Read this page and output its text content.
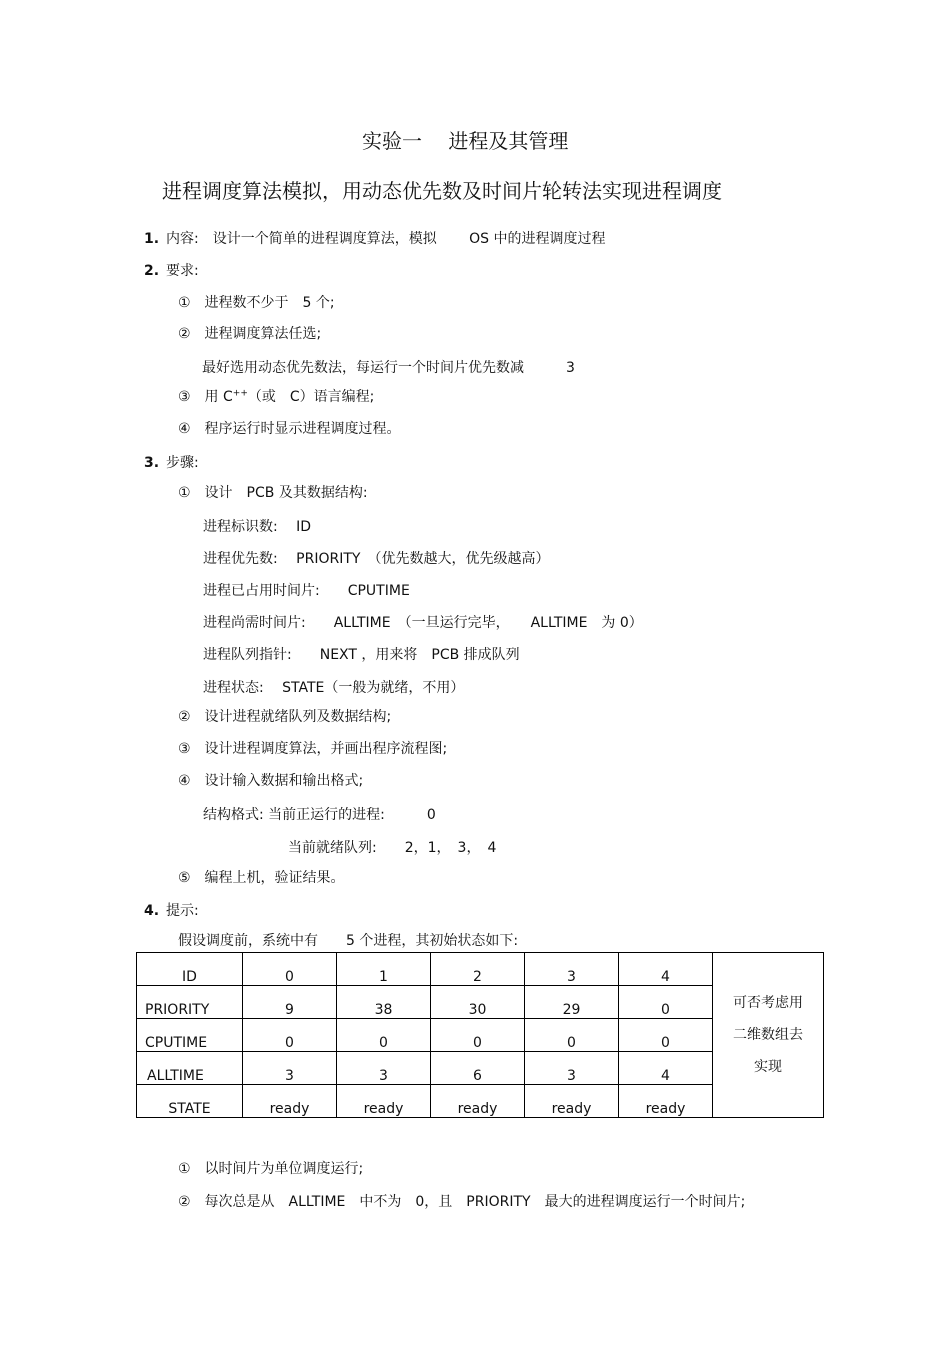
实验一　 进程及其管理
进程调度算法模拟，用动态优先数及时间片轮转法实现进程调度
1. 内容:　设计一个简单的进程调度算法，模拟　　 OS 中的进程调度过程
2. 要求:
①　进程数不少于　5 个;
②　进程调度算法任选;
最好选用动态优先数法，每运行一个时间片优先数减　　　3
③　用 C++（或　C）语言编程;
④　程序运行时显示进程调度过程。
3. 步骤:
①　设计　PCB 及其数据结构:
进程标识数:　 ID
进程优先数:　 PRIORITY　（优先数越大，优先级越高）
进程已占用时间片:　　CPUTIME
进程尚需时间片:　　ALLTIME　（一旦运行完毕，　　ALLTIME　为 0）
进程队列指针:　　NEXT ，用来将　PCB 排成队列
进程状态:　 STATE（一般为就绪，不用）
②　设计进程就绪队列及数据结构;
③　设计进程调度算法，并画出程序流程图;
④　设计输入数据和输出格式;
结构格式: 当前正运行的进程:　　　0
当前就绪队列:　　2，1，　3，　4
⑤　编程上机，验证结果。
4. 提示:
假设调度前，系统中有　　5 个进程，其初始状态如下:
ID	0	1	2	3	4	可否考虑用
二维数组去
实现

PRIORITY	9	38	30	29	0	
CPUTIME	0	0	0	0	0	
ALLTIME	3	3	6	3	4	
STATE	ready	ready	ready	ready	ready	
①　以时间片为单位调度运行;
②　每次总是从　ALLTIME　中不为　0，且　PRIORITY　最大的进程调度运行一个时间片;
